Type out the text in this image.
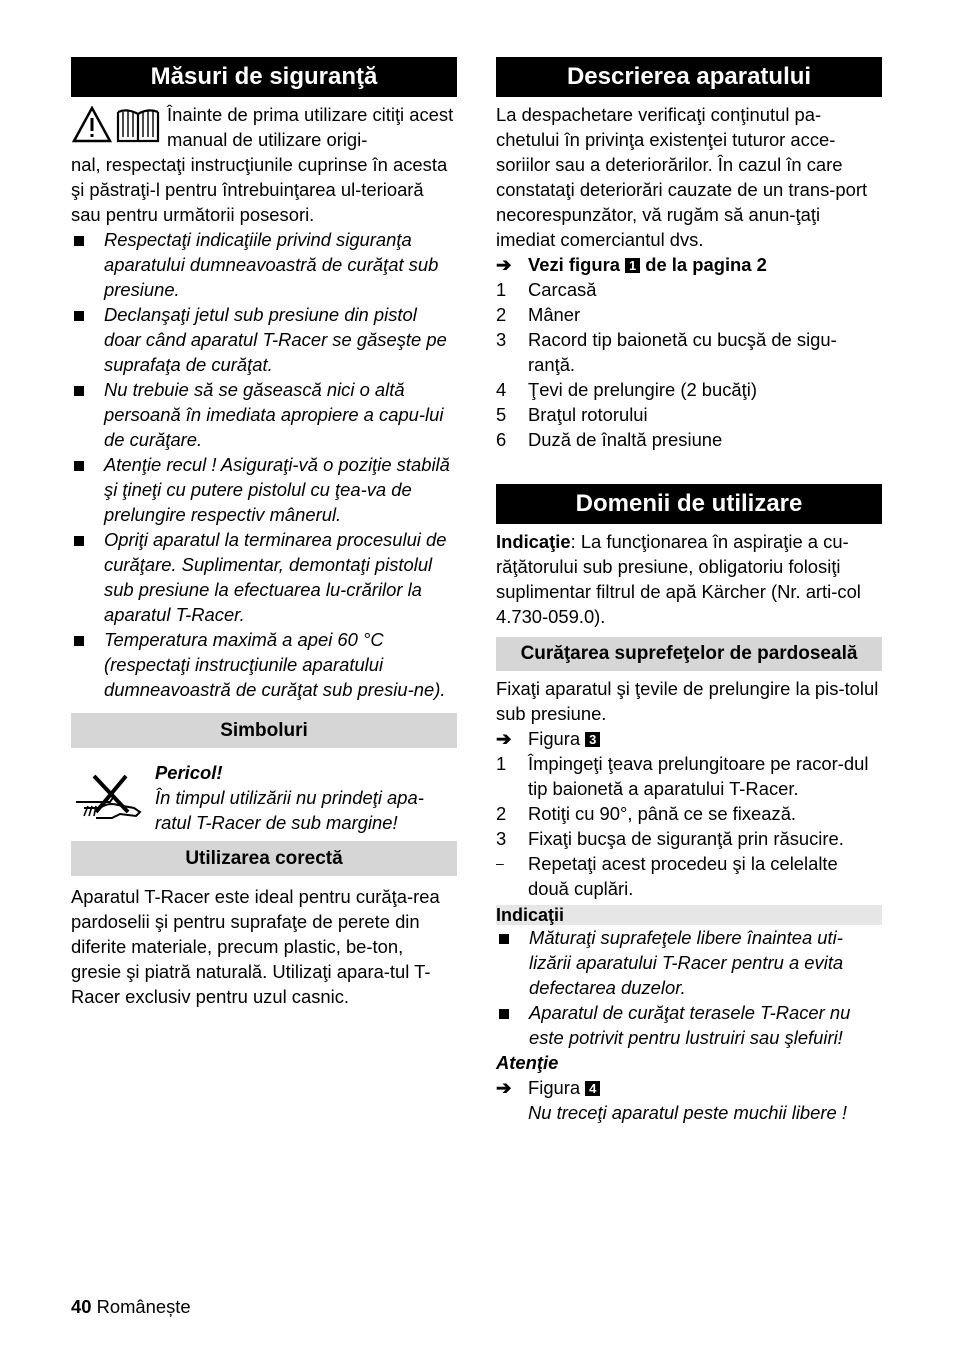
Măsuri de siguranţă
Înainte de prima utilizare citiţi acest manual de utilizare origi-
nal, respectaţi instrucţiunile cuprinse în acesta şi păstraţi-l pentru întrebuinţarea ul-terioară sau pentru următorii posesori.
Respectaţi indicaţiile privind siguranţa aparatului dumneavoastră de curăţat sub presiune.
Declanşaţi jetul sub presiune din pistol doar când aparatul T-Racer se găseşte pe suprafaţa de curăţat.
Nu trebuie să se găsească nici o altă persoană în imediata apropiere a capu-lui de curăţare.
Atenţie recul ! Asiguraţi-vă o poziţie stabilă şi ţineţi cu putere pistolul cu ţea-va de prelungire respectiv mânerul.
Opriţi aparatul la terminarea procesului de curăţare. Suplimentar, demontaţi pistolul sub presiune la efectuarea lu-crărilor la aparatul T-Racer.
Temperatura maximă a apei 60 °C (respectaţi instrucţiunile aparatului dumneavoastră de curăţat sub presiu-ne).
Simboluri
Pericol!
În timpul utilizării nu prindeţi apa-ratul T-Racer de sub margine!
Utilizarea corectă
Aparatul T-Racer este ideal pentru curăţa-rea pardoselii şi pentru suprafaţe de perete din diferite materiale, precum plastic, be-ton, gresie şi piatră naturală. Utilizaţi apara-tul T-Racer exclusiv pentru uzul casnic.
Descrierea aparatului
La despachetare verificaţi conţinutul pa-chetului în privinţa existenţei tuturor acce-soriilor sau a deteriorărilor. În cazul în care constataţi deteriorări cauzate de un trans-port necorespunzător, vă rugăm să anun-ţaţi imediat comerciantul dvs.
➔ Vezi figura 1 de la pagina 2
1 Carcasă
2 Mâner
3 Racord tip baionetă cu bucşă de sigu-ranţă.
4 Ţevi de prelungire (2 bucăţi)
5 Braţul rotorului
6 Duză de înaltă presiune
Domenii de utilizare
Indicaţie: La funcţionarea în aspiraţie a cu-răţătorului sub presiune, obligatoriu folosiţi suplimentar filtrul de apă Kärcher (Nr. arti-col 4.730-059.0).
Curăţarea suprefeţelor de pardoseală
Fixaţi aparatul şi ţevile de prelungire la pis-tolul sub presiune.
➔ Figura 3
1 Împingeţi ţeava prelungitoare pe racor-dul tip baionetă a aparatului T-Racer.
2 Rotiţi cu 90°, până ce se fixează.
3 Fixaţi bucşa de siguranţă prin răsucire.
– Repetaţi acest procedeu şi la celelalte două cuplări.
Indicaţii
Măturaţi suprafeţele libere înaintea uti-lizării aparatului T-Racer pentru a evita defectarea duzelor.
Aparatul de curăţat terasele T-Racer nu este potrivit pentru lustruiri sau şlefuiri!
Atenţie
➔ Figura 4
Nu treceţi aparatul peste muchii libere !
40 Românește
